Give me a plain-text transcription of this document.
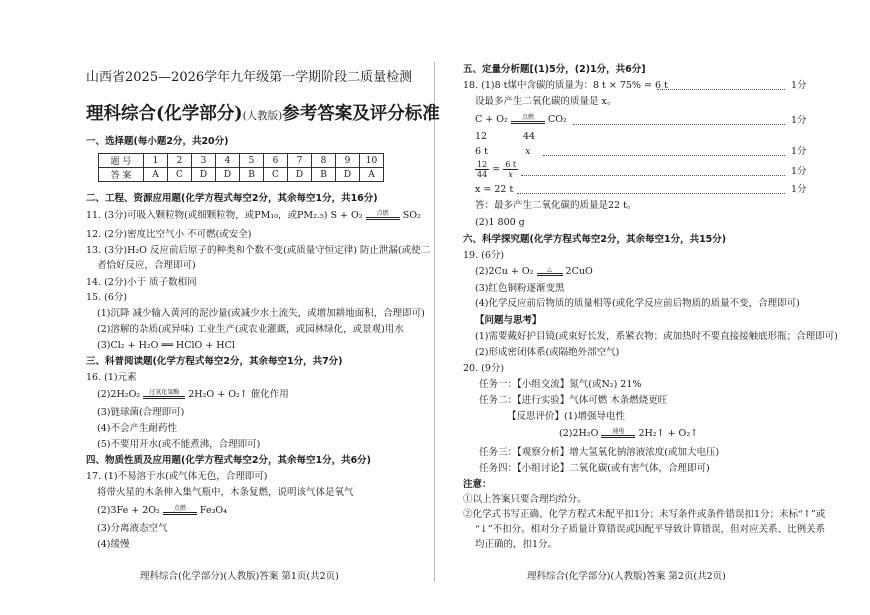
山西省2025—2026学年九年级第一学期阶段二质量检测
理科综合(化学部分)(人教版)参考答案及评分标准
一、选择题(每小题2分，共20分)
题 号	1	2	3	4	5	6	7	8	9	10
答 案	A	C	D	D	B	C	D	B	D	A
二、工程、资源应用题(化学方程式每空2分，其余每空1分，共16分)
11. (3分)可吸入颗粒物(或细颗粒物，或PM₁₀，或PM₂.₅) S + O₂	点燃	SO₂
12. (2分)密度比空气小 不可燃(或安全)
13. (3分)H₂O 反应前后原子的种类和个数不变(或质量守恒定律) 防止泄漏(或使二
者恰好反应，合理即可)
14. (2分)小于 质子数相同
15. (6分)
(1)沉降 减少输入黄河的泥沙量(或减少水土流失，或增加耕地面积，合理即可)
(2)溶解的杂质(或异味) 工业生产(或农业灌溉，或园林绿化，或景观)用水
(3)Cl₂ + H₂O ══ HClO + HCl
三、科普阅读题(化学方程式每空2分，其余每空1分，共7分)
16. (1)元素
(2)2H₂O₂	过氧化氢酶 2H₂O + O₂↑ 催化作用
(3)链球菌(合理即可)
(4)不会产生耐药性
(5)不要用开水(或不能煮沸，合理即可)
四、物质性质及应用题(化学方程式每空2分，其余每空1分，共6分)
17. (1)不易溶于水(或气体无色，合理即可)
将带火星的木条伸入集气瓶中，木条复燃，说明该气体是氧气
(2)3Fe + 2O₂	点燃	Fe₃O₄
(3)分离液态空气
(4)缓慢
理科综合(化学部分)(人教版)答案 第1页(共2页)
五、定量分析题[(1)5分，(2)1分，共6分]
18. (1)8 t煤中含碳的质量为：8 t × 75% = 6 t	1分
设最多产生二氧化碳的质量是 x。
C + O₂	点燃	CO₂	1分
12	44
6 t	x	1分
$\frac{12}{44} = \frac{6 t}{x}$	1分
x = 22 t	1分
答：最多产生二氧化碳的质量是22 t。
(2)1 800 g
六、科学探究题(化学方程式每空2分，其余每空1分，共15分)
19. (6分)
(2)2Cu + O₂	△	2CuO
(3)红色铜粉逐渐变黑
(4)化学反应前后物质的质量相等(或化学反应前后物质的质量不变，合理即可)
【问题与思考】
(1)需要戴好护目镜(或束好长发，系紧衣物；或加热时不要直接接触底形瓶；合理即可)
(2)形成密闭体系(或隔绝外部空气)
20. (9分)
任务一：【小组交流】氮气(或N₂) 21%
任务二：【进行实验】气体可燃 木条燃烧更旺
【反思评价】(1)增强导电性
(2)2H₂O	通电	2H₂↑ + O₂↑
任务三：【观察分析】增大氢氧化钠溶液浓度(或加大电压)
任务四：【小组讨论】二氧化碳(或有害气体，合理即可)
注意：
①以上答案只要合理均给分。
②化学式书写正确、化学方程式未配平扣1分；未写条件或条件错误扣1分；未标“↑”或
“↓”不扣分。相对分子质量计算错误或因配平导致计算错误，但对应关系、比例关系
均正确的，扣1分。
理科综合(化学部分)(人教版)答案 第2页(共2页)
